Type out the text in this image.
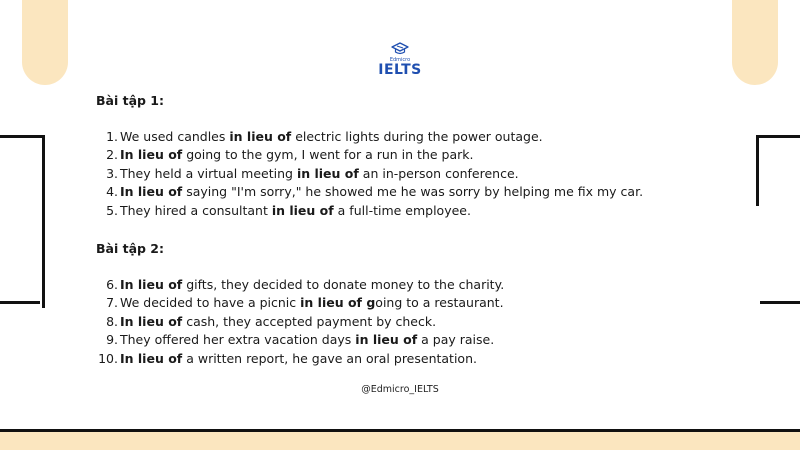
Edmicro
IELTS

Bài tập 1:

1. We used candles in lieu of electric lights during the power outage.
2. In lieu of going to the gym, I went for a run in the park.
3. They held a virtual meeting in lieu of an in-person conference.
4. In lieu of saying "I'm sorry," he showed me he was sorry by helping me fix my car.
5. They hired a consultant in lieu of a full-time employee.

Bài tập 2:

6. In lieu of gifts, they decided to donate money to the charity.
7. We decided to have a picnic in lieu of going to a restaurant.
8. In lieu of cash, they accepted payment by check.
9. They offered her extra vacation days in lieu of a pay raise.
10. In lieu of a written report, he gave an oral presentation.
@Edmicro_IELTS
